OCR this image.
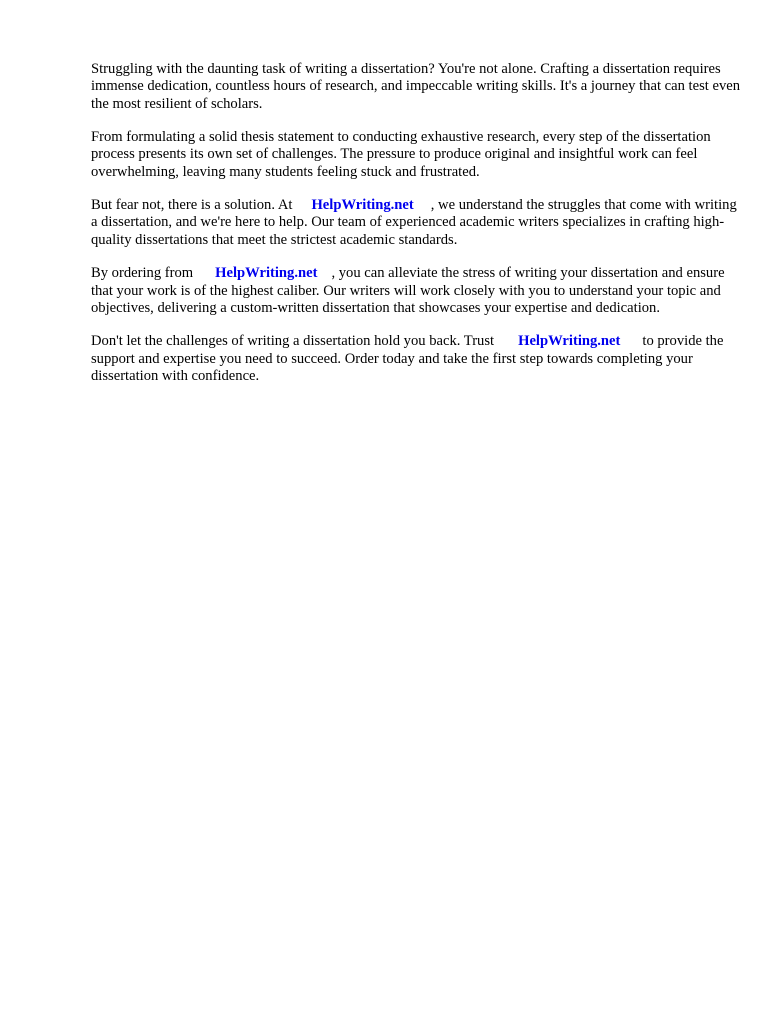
Struggling with the daunting task of writing a dissertation? You're not alone. Crafting a dissertation requires immense dedication, countless hours of research, and impeccable writing skills. It's a journey that can test even the most resilient of scholars.

From formulating a solid thesis statement to conducting exhaustive research, every step of the dissertation process presents its own set of challenges. The pressure to produce original and insightful work can feel overwhelming, leaving many students feeling stuck and frustrated.

But fear not, there is a solution. At HelpWriting.net , we understand the struggles that come with writing a dissertation, and we're here to help. Our team of experienced academic writers specializes in crafting high-quality dissertations that meet the strictest academic standards.

By ordering from HelpWriting.net , you can alleviate the stress of writing your dissertation and ensure that your work is of the highest caliber. Our writers will work closely with you to understand your topic and objectives, delivering a custom-written dissertation that showcases your expertise and dedication.

Don't let the challenges of writing a dissertation hold you back. Trust HelpWriting.net to provide the support and expertise you need to succeed. Order today and take the first step towards completing your dissertation with confidence.
